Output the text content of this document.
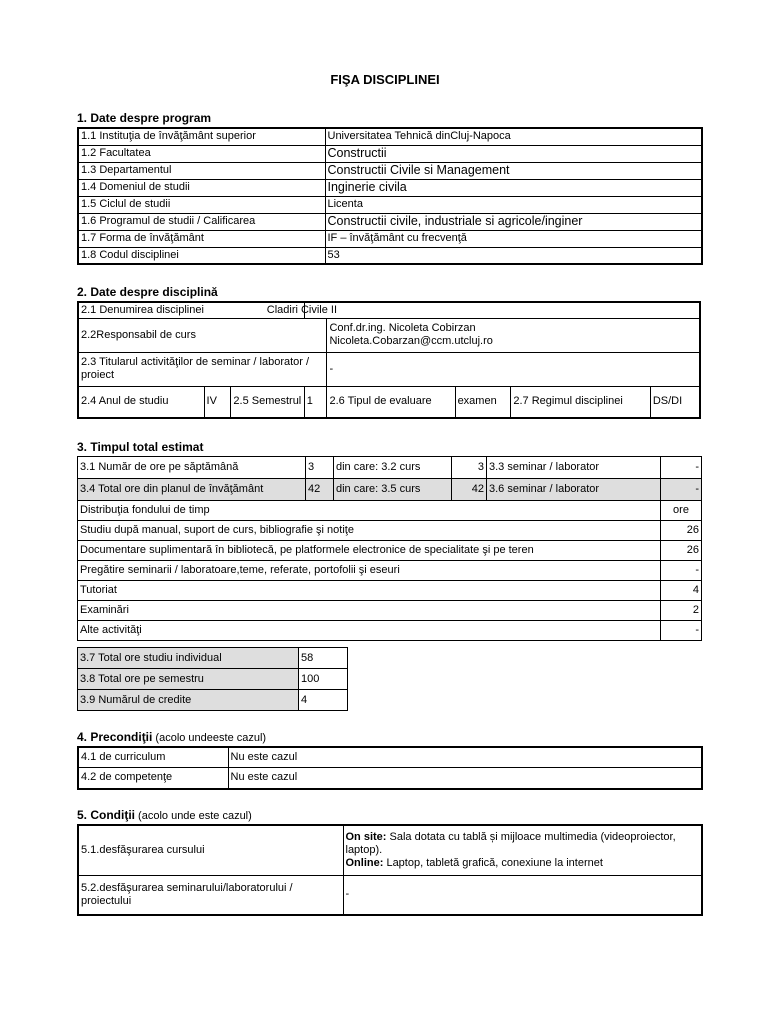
FIŞA DISCIPLINEI
1. Date despre program
1.1 Instituţia de învăţământ superior	Universitatea Tehnică dinCluj-Napoca
1.2 Facultatea	Constructii
1.3 Departamentul	Constructii Civile si Management
1.4 Domeniul de studii	Inginerie civila
1.5 Ciclul de studii	Licenta
1.6 Programul de studii / Calificarea	Constructii civile, industriale si agricole/inginer
1.7 Forma de învăţământ	IF – învăţământ cu frecvenţă
1.8 Codul disciplinei	53
2. Date despre disciplină
2.1 Denumirea disciplinei			Cladiri Civile II				
2.2Responsabil de curs				Conf.dr.ing. Nicoleta Cobirzan
Nicoleta.Cobarzan@ccm.utcluj.ro			

2.3 Titularul activităţilor de seminar / laborator / proiect				-			
2.4 Anul de studiu	IV	2.5 Semestrul	1	2.6 Tipul de evaluare	examen	2.7 Regimul disciplinei	DS/DI
3. Timpul total estimat
3.1 Număr de ore pe săptămână	3	din care: 3.2 curs	3	3.3 seminar / laborator	-
3.4 Total ore din planul de învăţământ	42	din care: 3.5 curs	42	3.6 seminar / laborator	-
Distribuţia fondului de timp					ore
Studiu după manual, suport de curs, bibliografie şi notiţe					26
Documentare suplimentară în bibliotecă, pe platformele electronice de specialitate şi pe teren					26
Pregătire seminarii / laboratoare,teme, referate, portofolii şi eseuri					-
Tutoriat					4
Examinări					2
Alte activităţi					-
3.7 Total ore studiu individual	58
3.8 Total ore pe semestru	100
3.9 Numărul de credite	4
4. Precondiţii (acolo undeeste cazul)
4.1 de curriculum	Nu este cazul
4.2 de competenţe	Nu este cazul
5. Condiţii (acolo unde este cazul)
5.1.desfăşurarea cursului	On site: Sala dotata cu tablă și mijloace multimedia (videoproiector, laptop).
Online: Laptop, tabletă grafică, conexiune la internet
5.2.desfăşurarea seminarului/laboratorului / proiectului	-
